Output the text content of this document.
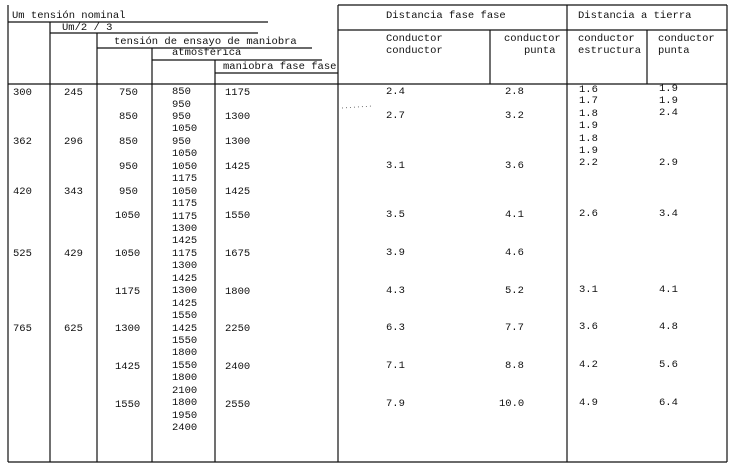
Um tensión nominal
Um/2 / 3
tensión de ensayo de maniobra
atmosférica
maniobra fase fase
Distancia fase fase	Distancia a tierra
Conductor
conductor
conductor
punta
conductor
estructura
conductor
punta
300
362
420
525
765
245
296
343
429
625
750
850
850
950
950
1050
1050
1175
1300
1425
1550
850
950
950
1050
950
1050
1050
1175
1050
1175
1175
1300
1425
1175
1300
1425
1300
1425
1550
1425
1550
1800
1550
1800
2100
1800
1950
2400
1175
1300
1300
1425
1425
1550
1675
1800
2250
2400
2550
2.4
2.7
3.1
3.5
3.9
4.3
6.3
7.1
7.9
2.8
3.2
3.6
4.1
4.6
5.2
7.7
8.8
10.0
1.6
1.7
1.8
1.9
1.8
1.9
2.2
2.6
3.1
3.6
4.2
4.9
1.9
1.9
2.4
2.9
3.4
4.1
4.8
5.6
6.4
